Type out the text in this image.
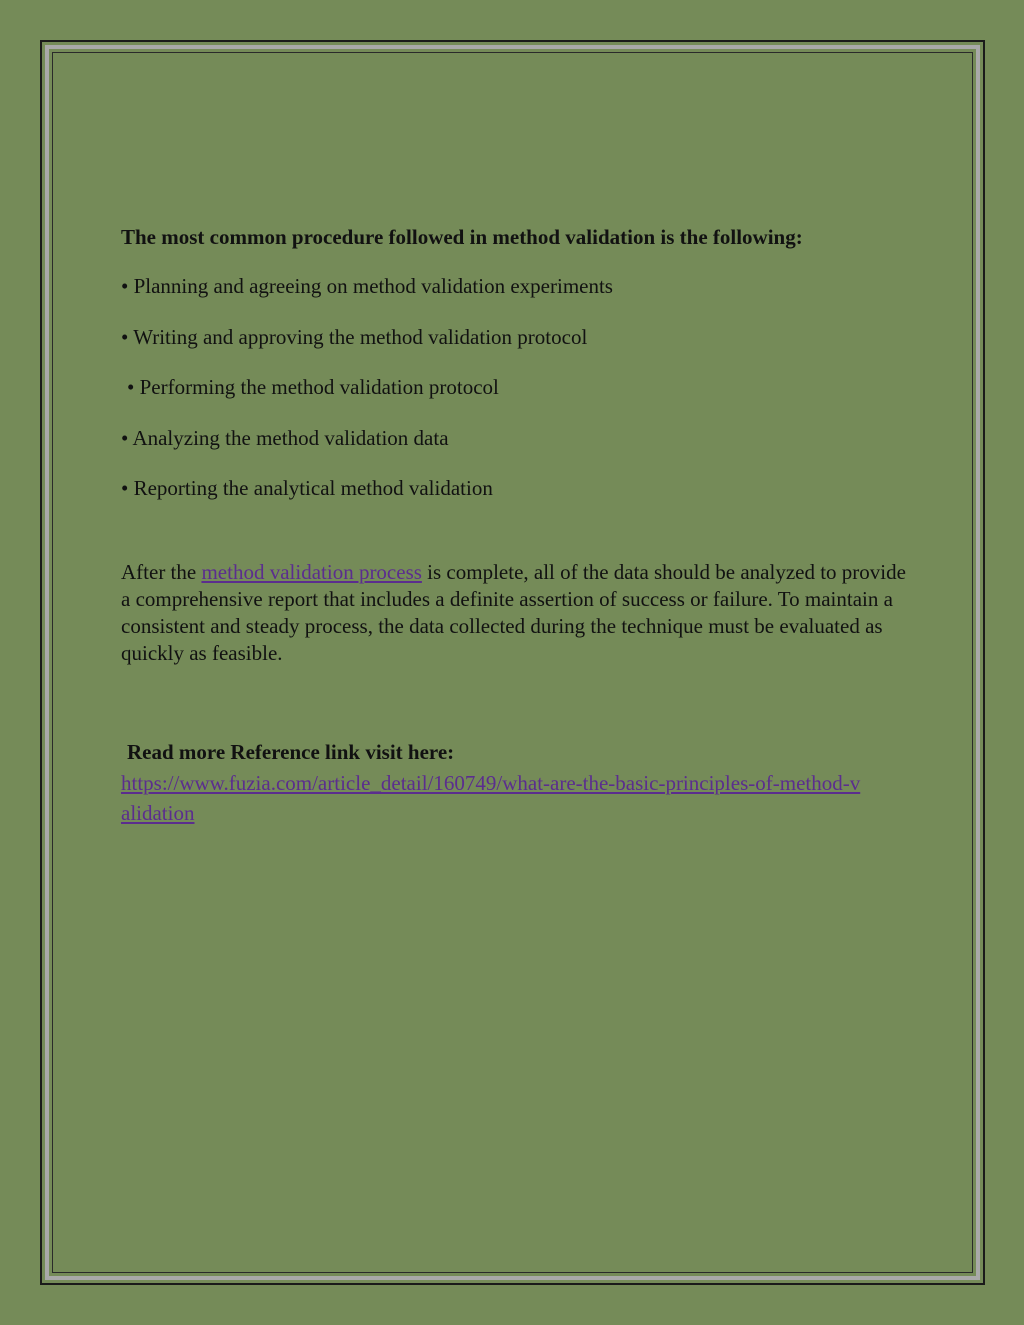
The most common procedure followed in method validation is the following:

• Planning and agreeing on method validation experiments
• Writing and approving the method validation protocol
• Performing the method validation protocol
• Analyzing the method validation data
• Reporting the analytical method validation

After the method validation process is complete, all of the data should be analyzed to provide a comprehensive report that includes a definite assertion of success or failure. To maintain a consistent and steady process, the data collected during the technique must be evaluated as quickly as feasible.

Read more Reference link visit here:

https://www.fuzia.com/article_detail/160749/what-are-the-basic-principles-of-method-validation
